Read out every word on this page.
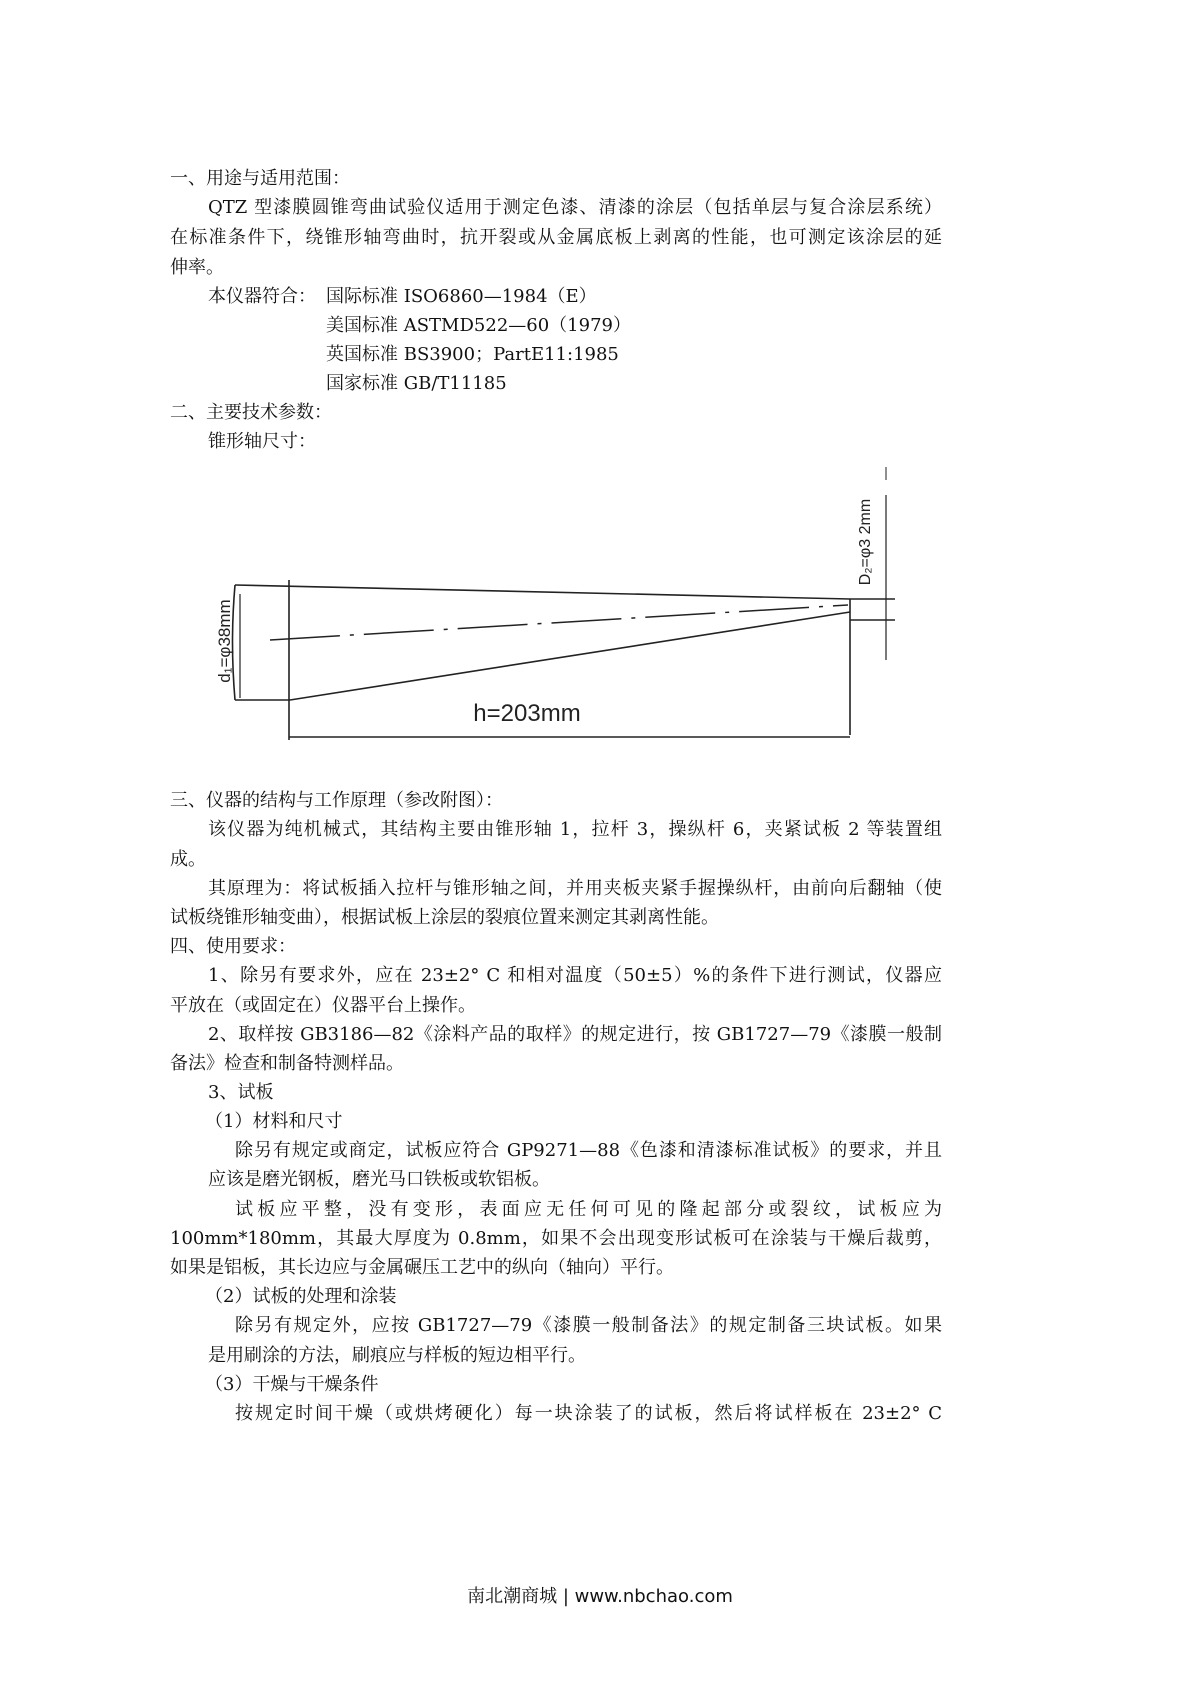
一、用途与适用范围：
QTZ 型漆膜圆锥弯曲试验仪适用于测定色漆、清漆的涂层（包括单层与复合涂层系统）
在标准条件下，绕锥形轴弯曲时，抗开裂或从金属底板上剥离的性能，也可测定该涂层的延
伸率。
本仪器符合： 国际标准 ISO6860—1984（E）
美国标准 ASTMD522—60（1979）
英国标准 BS3900；PartE11:1985
国家标准 GB/T11185
二、主要技术参数：
锥形轴尺寸：
d₁=φ38mm
D₂=φ3 2mm
h=203mm
三、仪器的结构与工作原理（参改附图）：
该仪器为纯机械式，其结构主要由锥形轴 1，拉杆 3，操纵杆 6，夹紧试板 2 等装置组
成。
其原理为：将试板插入拉杆与锥形轴之间，并用夹板夹紧手握操纵杆，由前向后翻轴（使
试板绕锥形轴变曲），根据试板上涂层的裂痕位置来测定其剥离性能。
四、使用要求：
1、除另有要求外，应在 23±2° C 和相对温度（50±5）%的条件下进行测试，仪器应
平放在（或固定在）仪器平台上操作。
2、取样按 GB3186—82《涂料产品的取样》的规定进行，按 GB1727—79《漆膜一般制
备法》检查和制备特测样品。
3、试板
（1）材料和尺寸
除另有规定或商定，试板应符合 GP9271—88《色漆和清漆标准试板》的要求，并且
应该是磨光钢板，磨光马口铁板或软铝板。
试板应平整，没有变形，表面应无任何可见的隆起部分或裂纹，试板应为
100mm*180mm，其最大厚度为 0.8mm，如果不会出现变形试板可在涂装与干燥后裁剪，
如果是铝板，其长边应与金属碾压工艺中的纵向（轴向）平行。
（2）试板的处理和涂装
除另有规定外，应按 GB1727—79《漆膜一般制备法》的规定制备三块试板。如果
是用刷涂的方法，刷痕应与样板的短边相平行。
（3）干燥与干燥条件
按规定时间干燥（或烘烤硬化）每一块涂装了的试板，然后将试样板在 23±2° C
南北潮商城 | www.nbchao.com
